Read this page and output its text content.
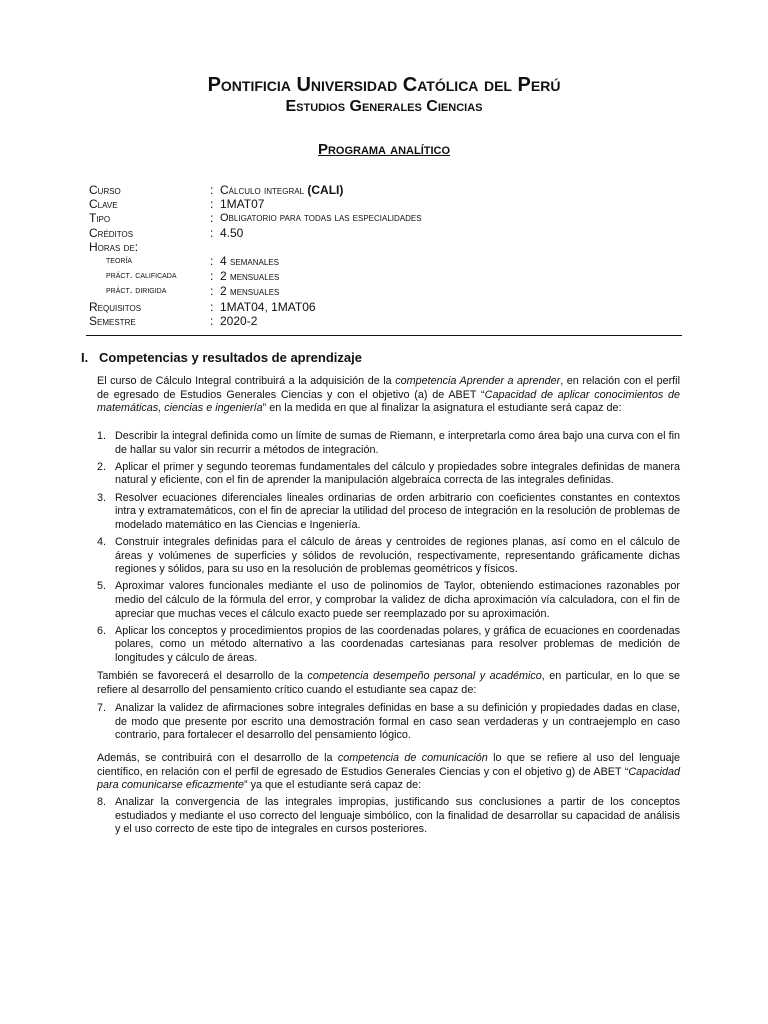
Pontificia Universidad Católica del Perú
Estudios Generales Ciencias
Programa analítico
Curso	: Cálculo integral (CALI)
Clave	: 1MAT07
Tipo	: Obligatorio para todas las especialidades
Créditos	: 4.50
Horas de:
teoría	: 4 semanales
práct. calificada	: 2 mensuales
práct. dirigida	: 2 mensuales
Requisitos	: 1MAT04, 1MAT06
Semestre	: 2020-2
I. Competencias y resultados de aprendizaje
El curso de Cálculo Integral contribuirá a la adquisición de la competencia Aprender a aprender, en relación con el perfil de egresado de Estudios Generales Ciencias y con el objetivo (a) de ABET “Capacidad de aplicar conocimientos de matemáticas, ciencias e ingeniería” en la medida en que al finalizar la asignatura el estudiante será capaz de:
1. Describir la integral definida como un límite de sumas de Riemann, e interpretarla como área bajo una curva con el fin de hallar su valor sin recurrir a métodos de integración.
2. Aplicar el primer y segundo teoremas fundamentales del cálculo y propiedades sobre integrales definidas de manera natural y eficiente, con el fin de aprender la manipulación algebraica correcta de las integrales definidas.
3. Resolver ecuaciones diferenciales lineales ordinarias de orden arbitrario con coeficientes constantes en contextos intra y extramatemáticos, con el fin de apreciar la utilidad del proceso de integración en la resolución de problemas de modelado matemático en las Ciencias e Ingeniería.
4. Construir integrales definidas para el cálculo de áreas y centroides de regiones planas, así como en el cálculo de áreas y volúmenes de superficies y sólidos de revolución, respectivamente, representando gráficamente dichas regiones y sólidos, para su uso en la resolución de problemas geométricos y físicos.
5. Aproximar valores funcionales mediante el uso de polinomios de Taylor, obteniendo estimaciones razonables por medio del cálculo de la fórmula del error, y comprobar la validez de dicha aproximación vía calculadora, con el fin de apreciar que muchas veces el cálculo exacto puede ser reemplazado por su aproximación.
6. Aplicar los conceptos y procedimientos propios de las coordenadas polares, y gráfica de ecuaciones en coordenadas polares, como un método alternativo a las coordenadas cartesianas para resolver problemas de medición de longitudes y cálculo de áreas.
También se favorecerá el desarrollo de la competencia desempeño personal y académico, en particular, en lo que se refiere al desarrollo del pensamiento crítico cuando el estudiante sea capaz de:
7. Analizar la validez de afirmaciones sobre integrales definidas en base a su definición y propiedades dadas en clase, de modo que presente por escrito una demostración formal en caso sean verdaderas y un contraejemplo en caso contrario, para fortalecer el desarrollo del pensamiento lógico.
Además, se contribuirá con el desarrollo de la competencia de comunicación lo que se refiere al uso del lenguaje científico, en relación con el perfil de egresado de Estudios Generales Ciencias y con el objetivo g) de ABET “Capacidad para comunicarse eficazmente” ya que el estudiante será capaz de:
8. Analizar la convergencia de las integrales impropias, justificando sus conclusiones a partir de los conceptos estudiados y mediante el uso correcto del lenguaje simbólico, con la finalidad de desarrollar su capacidad de análisis y el uso correcto de este tipo de integrales en cursos posteriores.
